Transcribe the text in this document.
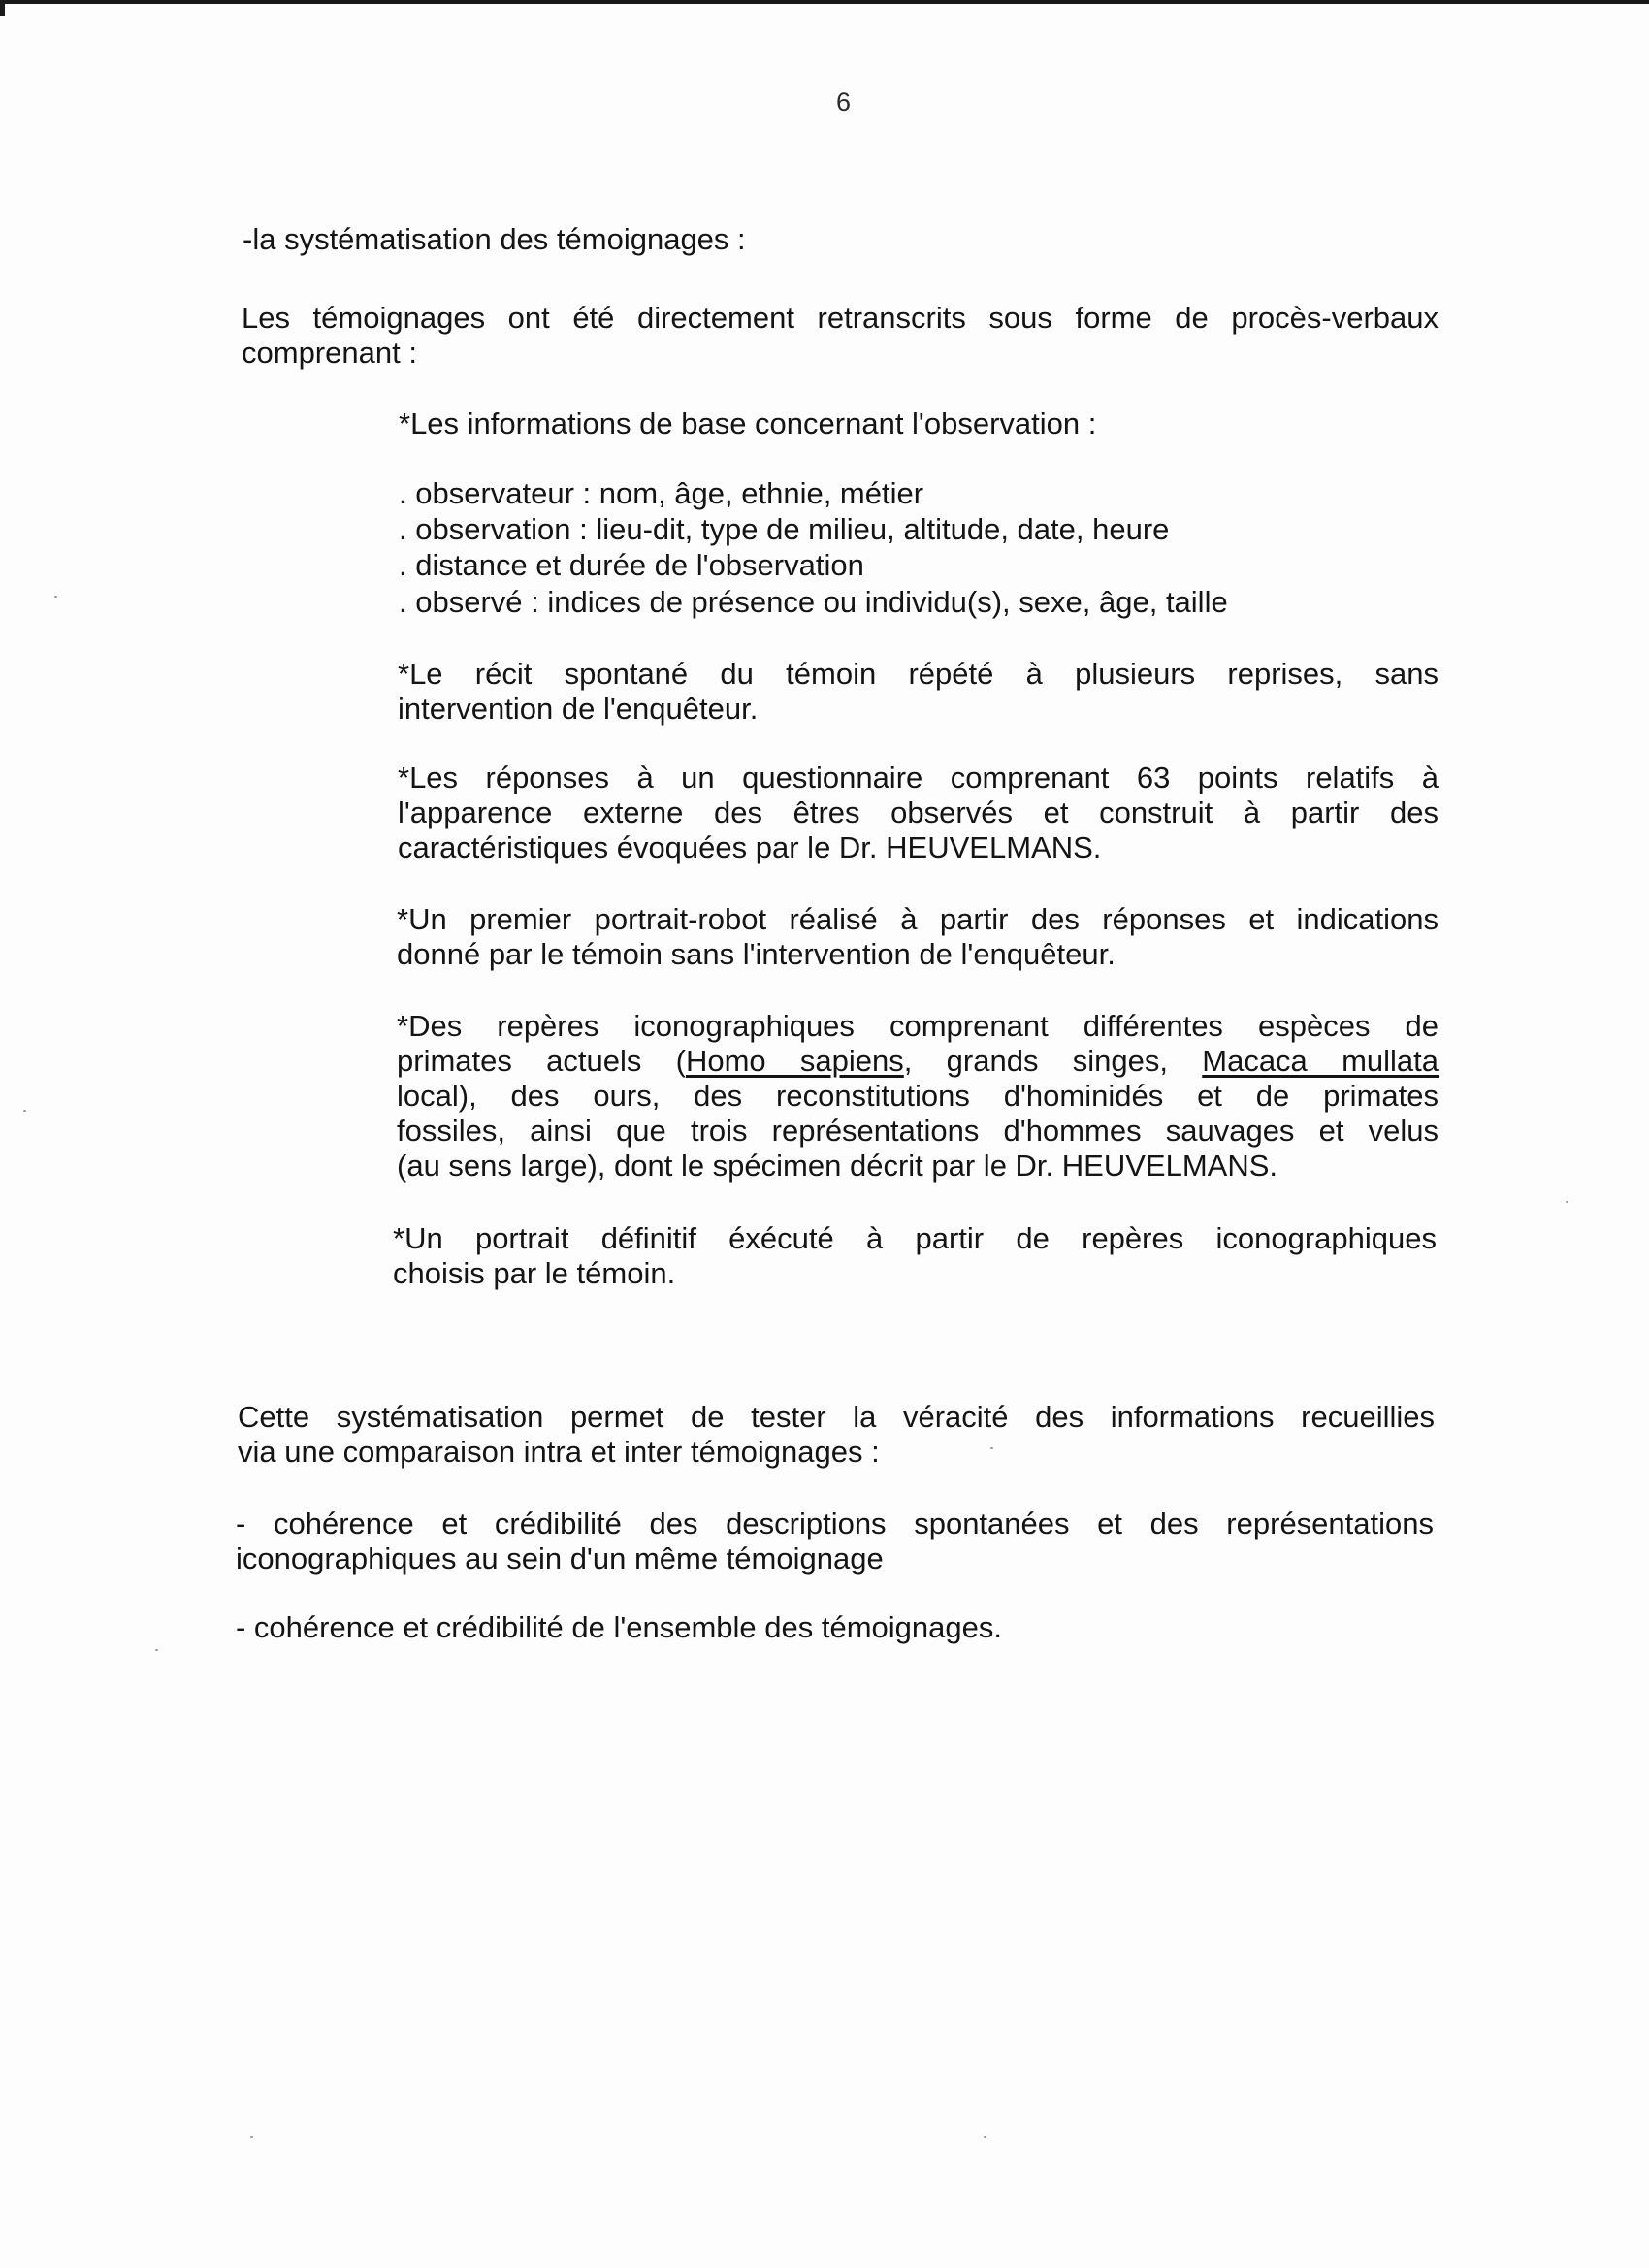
6
-la systématisation des témoignages :
Les témoignages ont été directement retranscrits sous forme de procès-verbaux
comprenant :
*Les informations de base concernant l'observation :
. observateur : nom, âge, ethnie, métier
. observation : lieu-dit, type de milieu, altitude, date, heure
. distance et durée de l'observation
. observé : indices de présence ou individu(s), sexe, âge, taille
*Le récit spontané du témoin répété à plusieurs reprises, sans
intervention de l'enquêteur.
*Les réponses à un questionnaire comprenant 63 points relatifs à
l'apparence externe des êtres observés et construit à partir des
caractéristiques évoquées par le Dr. HEUVELMANS.
*Un premier portrait-robot réalisé à partir des réponses et indications
donné par le témoin sans l'intervention de l'enquêteur.
*Des repères iconographiques comprenant différentes espèces de
primates actuels (Homo sapiens, grands singes, Macaca mullata
local), des ours, des reconstitutions d'hominidés et de primates
fossiles, ainsi que trois représentations d'hommes sauvages et velus
(au sens large), dont le spécimen décrit par le Dr. HEUVELMANS.
*Un portrait définitif éxécuté à partir de repères iconographiques
choisis par le témoin.
Cette systématisation permet de tester la véracité des informations recueillies
via une comparaison intra et inter témoignages :
- cohérence et crédibilité des descriptions spontanées et des représentations
iconographiques au sein d'un même témoignage
- cohérence et crédibilité de l'ensemble des témoignages.
